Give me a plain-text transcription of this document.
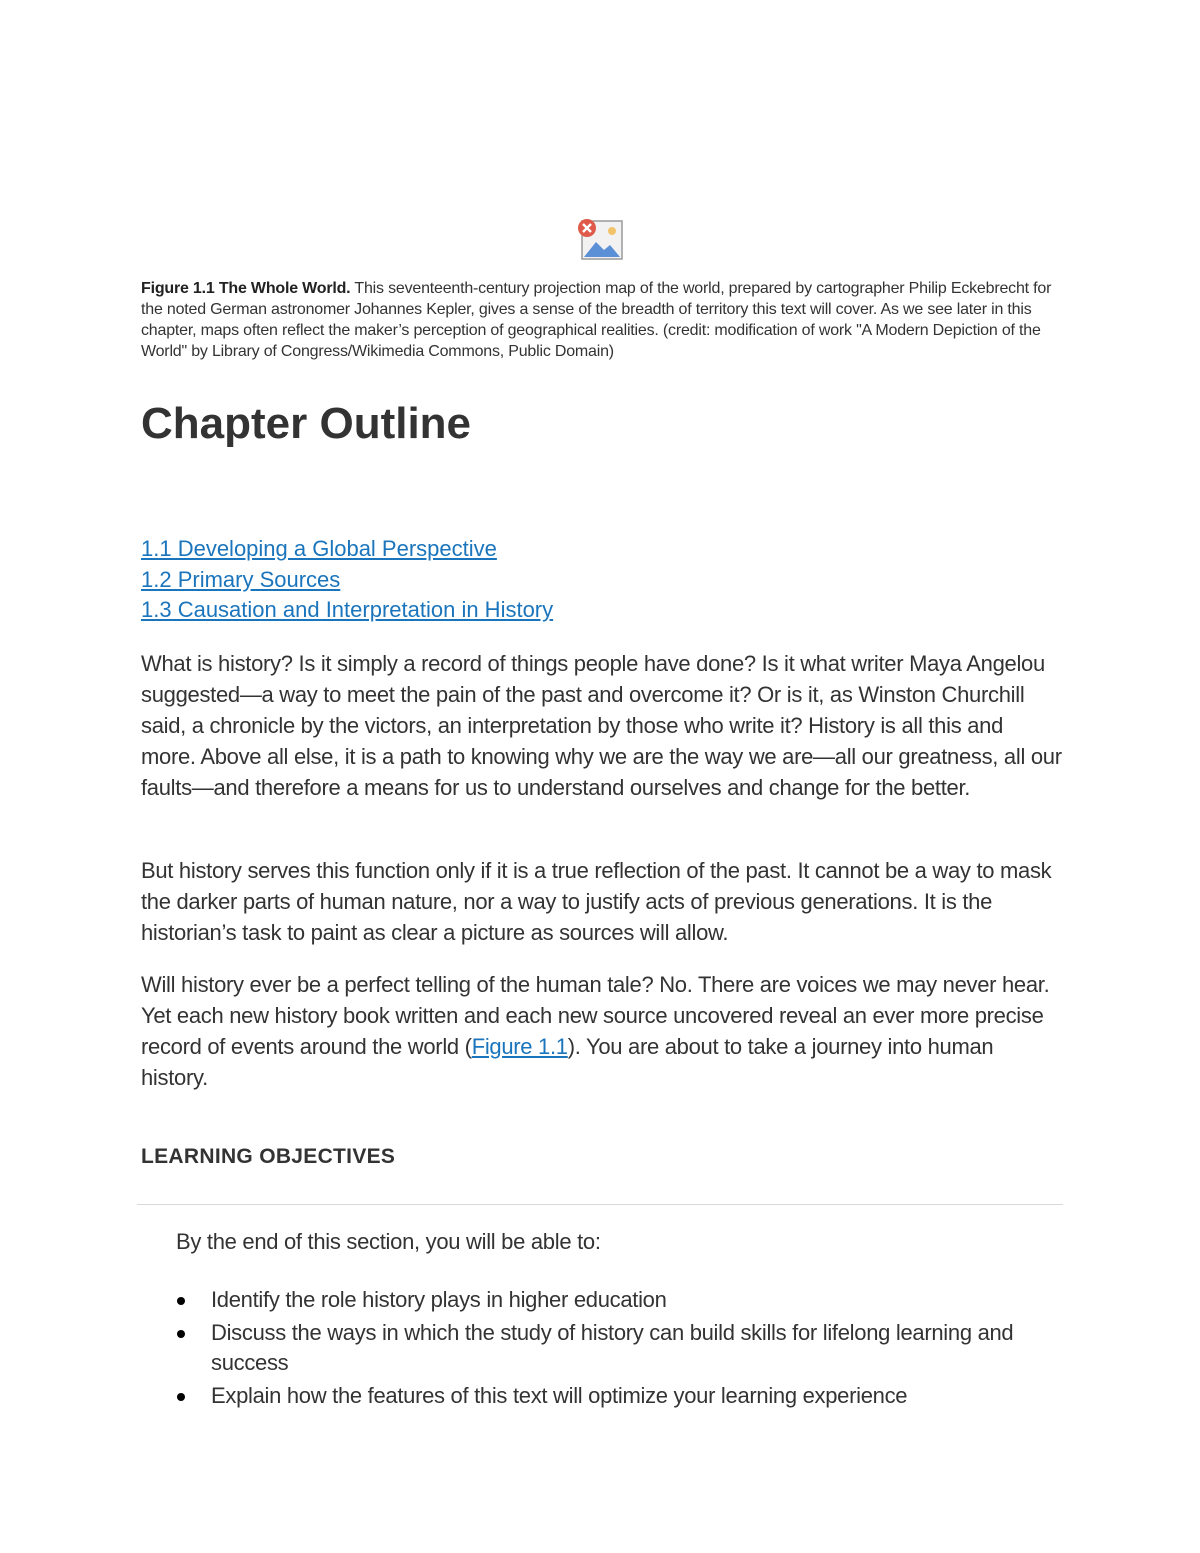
Figure 1.1 The Whole World. This seventeenth-century projection map of the world, prepared by cartographer Philip Eckebrecht for the noted German astronomer Johannes Kepler, gives a sense of the breadth of territory this text will cover. As we see later in this chapter, maps often reflect the maker’s perception of geographical realities. (credit: modification of work "A Modern Depiction of the World" by Library of Congress/Wikimedia Commons, Public Domain)

Chapter Outline
1.1 Developing a Global Perspective
1.2 Primary Sources
1.3 Causation and Interpretation in History

What is history? Is it simply a record of things people have done? Is it what writer Maya Angelou suggested—a way to meet the pain of the past and overcome it? Or is it, as Winston Churchill said, a chronicle by the victors, an interpretation by those who write it? History is all this and more. Above all else, it is a path to knowing why we are the way we are—all our greatness, all our faults—and therefore a means for us to understand ourselves and change for the better.

But history serves this function only if it is a true reflection of the past. It cannot be a way to mask the darker parts of human nature, nor a way to justify acts of previous generations. It is the historian’s task to paint as clear a picture as sources will allow.

Will history ever be a perfect telling of the human tale? No. There are voices we may never hear. Yet each new history book written and each new source uncovered reveal an ever more precise record of events around the world (Figure 1.1). You are about to take a journey into human history.

LEARNING OBJECTIVES

By the end of this section, you will be able to:

Identify the role history plays in higher education
Discuss the ways in which the study of history can build skills for lifelong learning and success
Explain how the features of this text will optimize your learning experience
